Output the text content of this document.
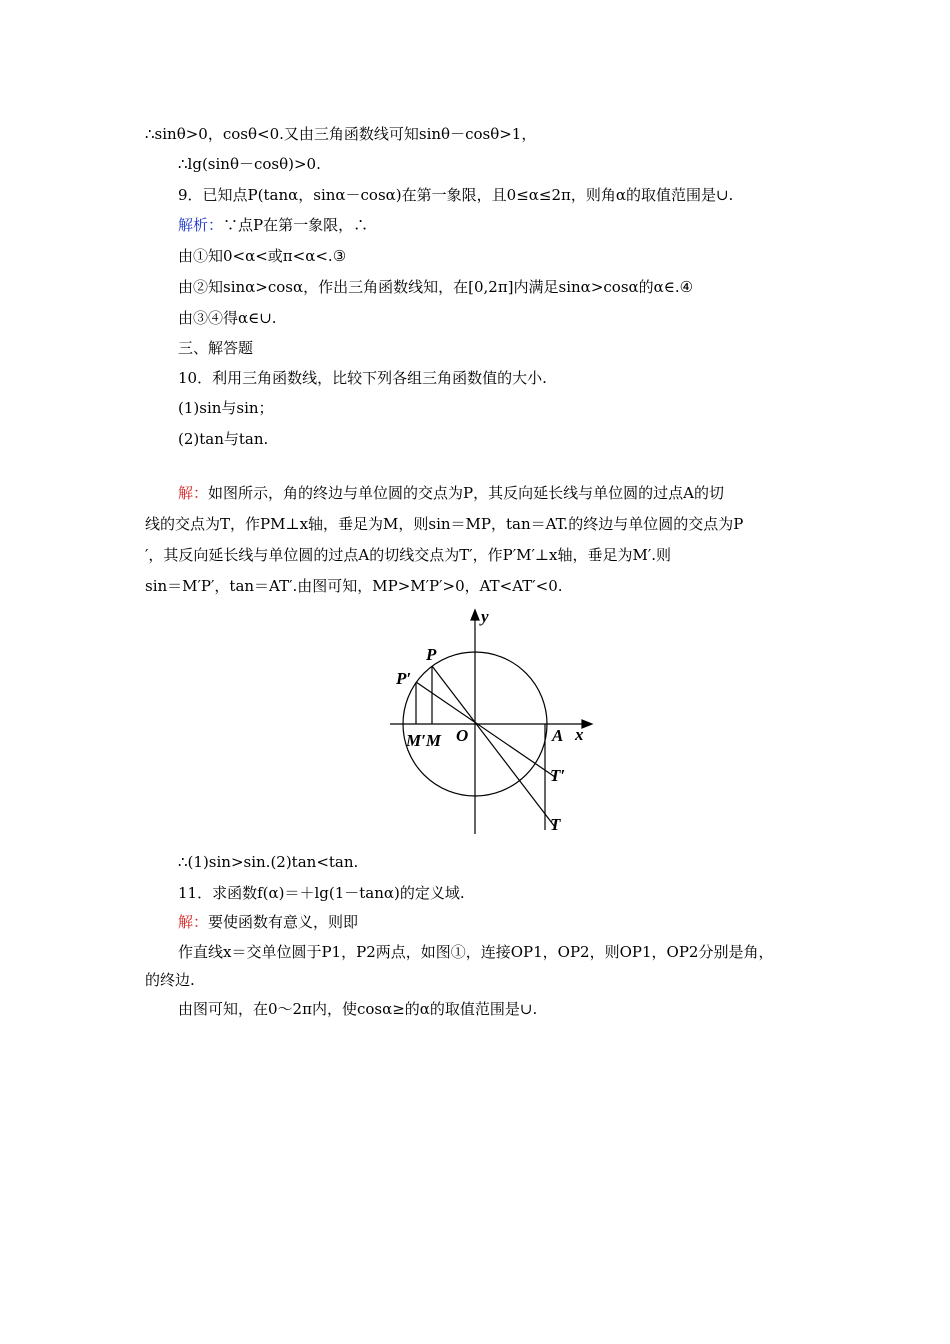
∴sinθ>0，cosθ<0.又由三角函数线可知sinθ－cosθ>1，
∴lg(sinθ－cosθ)>0.
9．已知点P(tanα，sinα－cosα)在第一象限，且0≤α≤2π，则角α的取值范围是∪.
解析：∵点P在第一象限，∴
由①知0<α<或π<α<.③
由②知sinα>cosα，作出三角函数线知，在[0,2π]内满足sinα>cosα的α∈.④
由③④得α∈∪.
三、解答题
10．利用三角函数线，比较下列各组三角函数值的大小.
(1)sin与sin；
(2)tan与tan.
解：如图所示，角的终边与单位圆的交点为P，其反向延长线与单位圆的过点A的切
线的交点为T，作PM⊥x轴，垂足为M，则sin＝MP，tan＝AT.的终边与单位圆的交点为P
′，其反向延长线与单位圆的过点A的切线交点为T′，作P′M′⊥x轴，垂足为M′.则
sin＝M′P′，tan＝AT′.由图可知，MP>M′P′>0，AT<AT′<0.
y
x
P
P′
M′M O	A
T′
T
∴(1)sin>sin.(2)tan<tan.
11．求函数f(α)＝＋lg(1－tanα)的定义域.
解：要使函数有意义，则即
作直线x＝交单位圆于P1，P2两点，如图①，连接OP1，OP2，则OP1，OP2分别是角，
的终边.
由图可知，在0～2π内，使cosα≥的α的取值范围是∪.
